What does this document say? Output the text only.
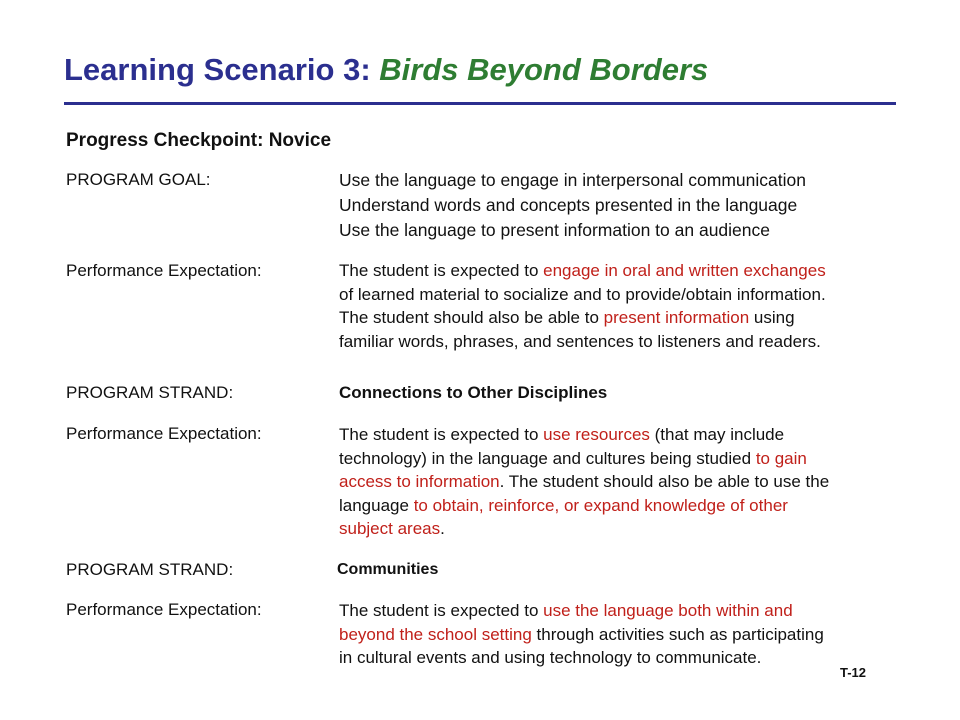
Learning Scenario 3: Birds Beyond Borders
Progress Checkpoint: Novice
PROGRAM GOAL:	Use the language to engage in interpersonal communication

Understand words and concepts presented in the language

Use the language to present information to an audience

Performance Expectation:	The student is expected to engage in oral and written exchanges

of learned material to socialize and to provide/obtain information.

The student should also be able to present information using

familiar words, phrases, and sentences to listeners and readers.

PROGRAM STRAND:	Connections to Other Disciplines
Performance Expectation:	The student is expected to use resources (that may include

technology) in the language and cultures being studied to gain

access to information. The student should also be able to use the

language to obtain, reinforce, or expand knowledge of other

subject areas.

PROGRAM STRAND:	Communities
Performance Expectation:	The student is expected to use the language both within and

beyond the school setting through activities such as participating

in cultural events and using technology to communicate.

T-12
